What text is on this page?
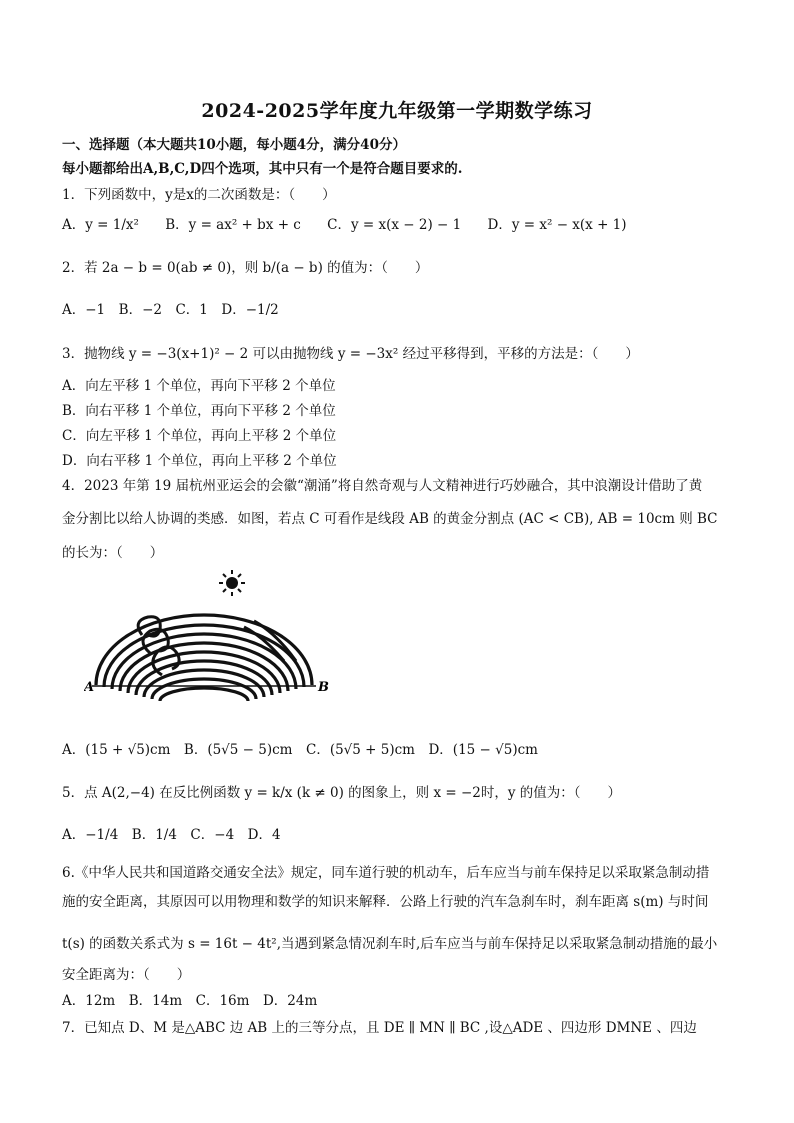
2024-2025学年度九年级第一学期数学练习
一、选择题（本大题共10小题，每小题4分，满分40分）
每小题都给出A,B,C,D四个选项，其中只有一个是符合题目要求的.
1．下列函数中，y是x的二次函数是：（　　）
A．y = 1/x² B．y = ax² + bx + c C．y = x(x − 2) − 1 D．y = x² − x(x + 1)
2．若 2a − b = 0(ab ≠ 0)，则 b/(a − b) 的值为：（　　）
A．−1　B．−2　C．1　D．−1/2
3．抛物线 y = −3(x+1)² − 2 可以由抛物线 y = −3x² 经过平移得到，平移的方法是：（　　）
A．向左平移 1 个单位，再向下平移 2 个单位
B．向右平移 1 个单位，再向下平移 2 个单位
C．向左平移 1 个单位，再向上平移 2 个单位
D．向右平移 1 个单位，再向上平移 2 个单位
4．2023 年第 19 届杭州亚运会的会徽“潮涌”将自然奇观与人文精神进行巧妙融合，其中浪潮设计借助了黄
金分割比以给人协调的类感．如图，若点 C 可看作是线段 AB 的黄金分割点 (AC < CB), AB = 10cm 则 BC
的长为：（　　）
A	B
A．(15 + √5)cm　B．(5√5 − 5)cm　C．(5√5 + 5)cm　D．(15 − √5)cm
5．点 A(2,−4) 在反比例函数 y = k/x (k ≠ 0) 的图象上，则 x = −2时，y 的值为：（　　）
A．−1/4　B．1/4　C．−4　D．4
6.《中华人民共和国道路交通安全法》规定，同车道行驶的机动车，后车应当与前车保持足以采取紧急制动措
施的安全距离，其原因可以用物理和数学的知识来解释．公路上行驶的汽车急刹车时，刹车距离 s(m) 与时间
t(s) 的函数关系式为 s = 16t − 4t²,当遇到紧急情况刹车时,后车应当与前车保持足以采取紧急制动措施的最小
安全距离为：（　　）
A．12m　B．14m　C．16m　D．24m
7．已知点 D、M 是△ABC 边 AB 上的三等分点，且 DE ∥ MN ∥ BC ,设△ADE 、四边形 DMNE 、四边
